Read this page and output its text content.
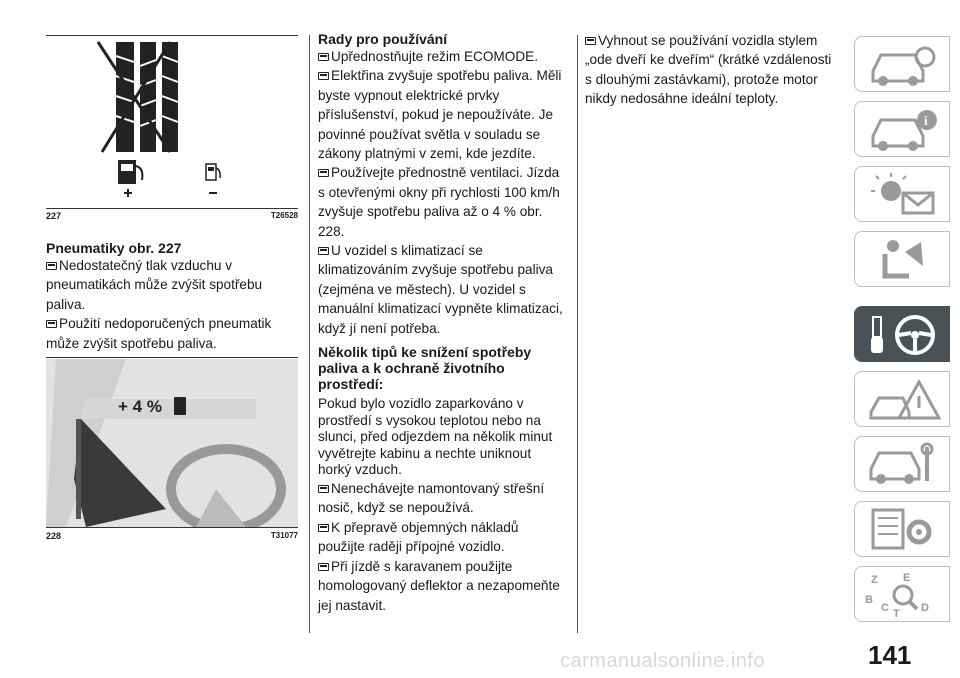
227	T26528
Pneumatiky obr. 227

Nedostatečný tlak vzduchu v pneumatikách může zvýšit spotřebu paliva.

Použití nedoporučených pneumatik může zvýšit spotřebu paliva.

+ 4 %
228	T31077
Rady pro používání

Upřednostňujte režim ECOMODE.

Elektřina zvyšuje spotřebu paliva. Měli byste vypnout elektrické prvky příslušenství, pokud je nepoužíváte. Je povinné používat světla v souladu se zákony platnými v zemi, kde jezdíte.

Používejte přednostně ventilaci. Jízda s otevřenými okny při rychlosti 100 km/h zvyšuje spotřebu paliva až o 4 % obr. 228.

U vozidel s klimatizací se klimatizováním zvyšuje spotřebu paliva (zejména ve městech). U vozidel s manuální klimatizací vypněte klimatizaci, když jí není potřeba.

Několik tipů ke snížení spotřeby paliva a k ochraně životního prostředí:

Pokud bylo vozidlo zaparkováno v prostředí s vysokou teplotou nebo na slunci, před odjezdem na několik minut vyvětrejte kabinu a nechte uniknout horký vzduch.

Nenechávejte namontovaný střešní nosič, když se nepoužívá.

K přepravě objemných nákladů použijte raději přípojné vozidlo.

Při jízdě s karavanem použijte homologovaný deflektor a nezapomeňte jej nastavit.

Vyhnout se používání vozidla stylem „ode dveří ke dveřím“ (krátké vzdálenosti s dlouhými zastávkami), protože motor nikdy nedosáhne ideální teploty.

i
Z E
B
C	D
T
141
carmanualsonline.info
